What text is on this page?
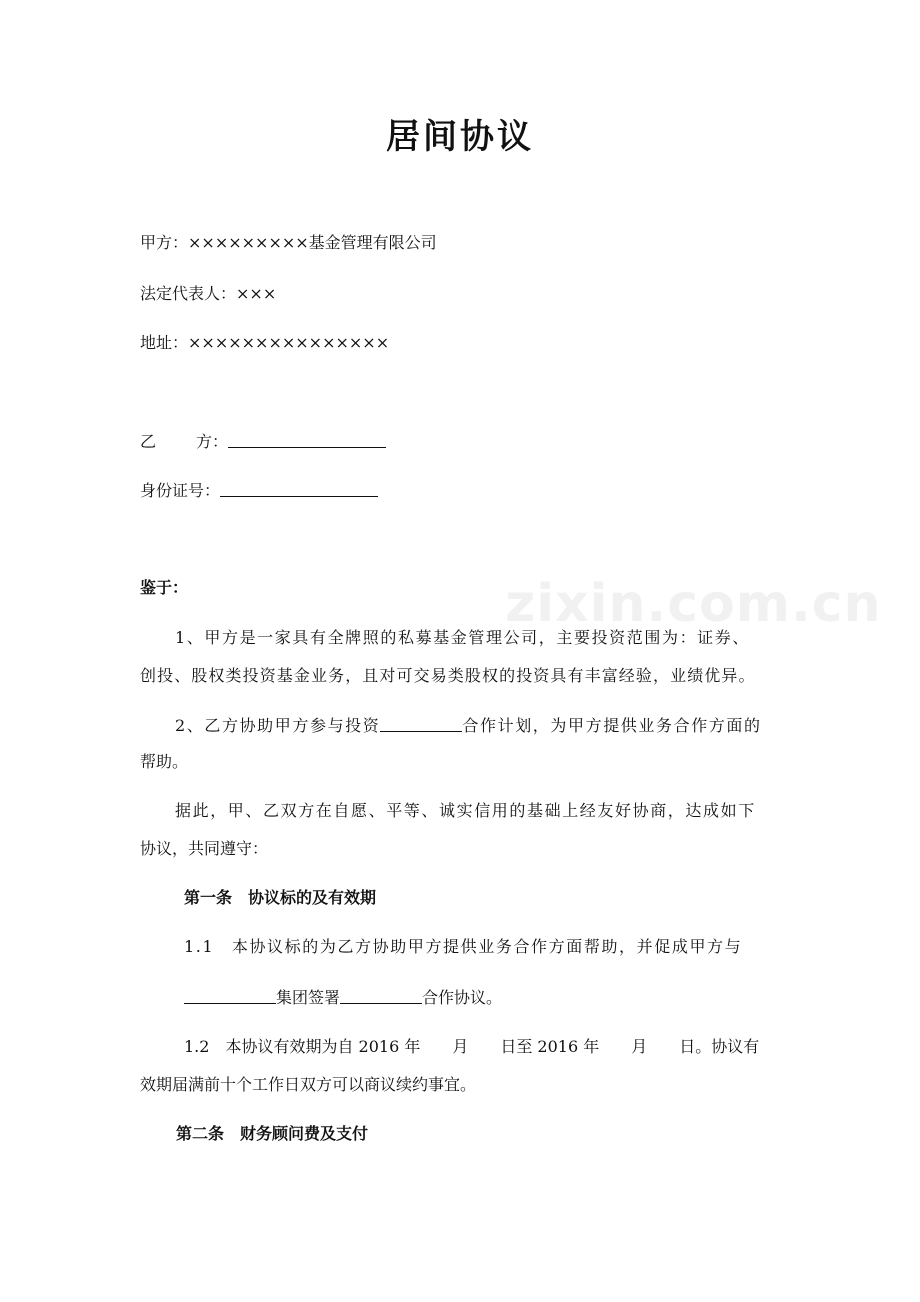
zixin.com.cn
居间协议
甲方：×××××××××基金管理有限公司
法定代表人：×××
地址：×××××××××××××××
乙	方：
身份证号：
鉴于：
1、甲方是一家具有全牌照的私募基金管理公司，主要投资范围为：证券、
创投、股权类投资基金业务，且对可交易类股权的投资具有丰富经验，业绩优异。
2、乙方协助甲方参与投资	合作计划，为甲方提供业务合作方面的
帮助。
据此，甲、乙双方在自愿、平等、诚实信用的基础上经友好协商，达成如下
协议，共同遵守：
第一条　协议标的及有效期
1.1　本协议标的为乙方协助甲方提供业务合作方面帮助，并促成甲方与
集团签署	合作协议。
1.2　本协议有效期为自 2016 年　　月　　日至 2016 年　　月　　日。协议有
效期届满前十个工作日双方可以商议续约事宜。
第二条　财务顾问费及支付
